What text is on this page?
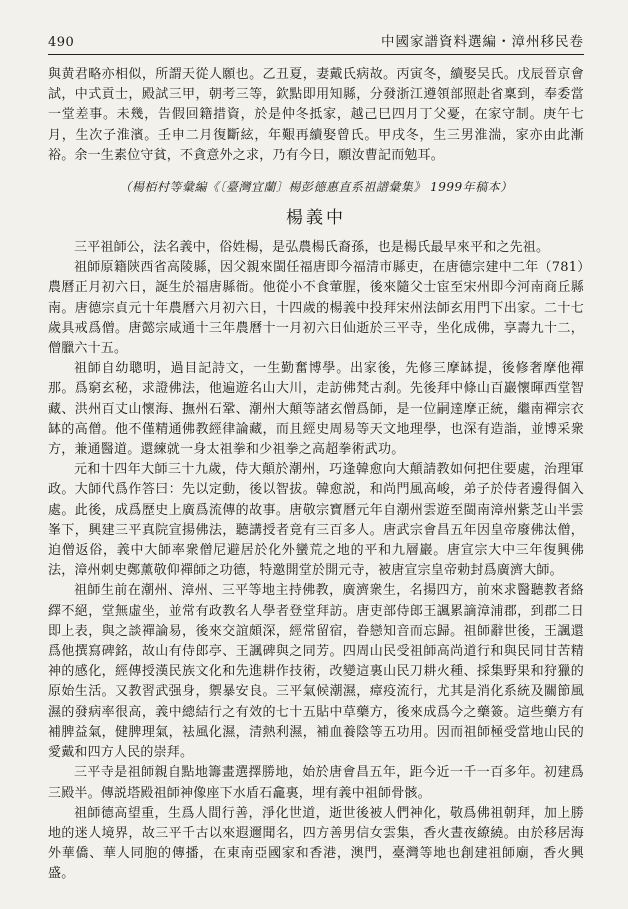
490	中國家譜資料選編・漳州移民卷

與黄君略亦相似，所謂天從人願也。乙丑夏，妻戴氏病故。丙寅冬，續娶吴氏。戊辰晉京會試，中式貢士，殿試三甲，朝考三等，欽點即用知縣，分發浙江遵領部照赴省稟到，奉委當一堂差事。未幾，告假回籍措資，於是仲冬抵家，越己巳四月丁父憂，在家守制。庚午七月，生次子淮濱。壬申二月復斷絃，年艱再續娶曾氏。甲戌冬，生三男淮湍，家亦由此漸裕。余一生素位守貧，不貪意外之求，乃有今日，願汝曹記而勉耳。

（楊栢村等彙編《〔臺灣宜蘭〕楊彭德惠直系祖譜彙集》 1999年稿本）
楊義中

三平祖師公，法名義中，俗姓楊，是弘農楊氏裔孫，也是楊氏最早來平和之先祖。

祖師原籍陝西省高陵縣，因父親來閩任福唐即今福清市縣吏，在唐德宗建中二年（781）農曆正月初六日，誕生於福唐縣衙。他從小不食葷腥，後來隨父士宦至宋州即今河南商丘縣南。唐德宗貞元十年農曆六月初六日，十四歲的楊義中投拜宋州法師玄用門下出家。二十七歲具戒爲僧。唐懿宗咸通十三年農曆十一月初六日仙逝於三平寺，坐化成佛，享壽九十二，僧臘六十五。

祖師自幼聰明，過目記詩文，一生勤奮博學。出家後，先修三摩缽提，後修奢摩他禪那。爲窮玄秘，求證佛法，他遍遊名山大川，走訪佛梵古刹。先後拜中條山百巖懷暉西堂智藏、洪州百丈山懷海、撫州石鞏、潮州大顛等諸玄僧爲師，是一位嗣達摩正統，繼南禪宗衣缽的高僧。他不僅精通佛教經律論藏，而且經史周易等天文地理學，也深有造詣，並博采衆方，兼通醫道。還練就一身太祖拳和少祖拳之高超拳術武功。

元和十四年大師三十九歲，侍大顛於潮州，巧逢韓愈向大顛請教如何把住要處，治理軍政。大師代爲作答曰：先以定動，後以智拔。韓愈説，和尚門風高峻，弟子於侍者邊得個入處。此後，成爲歷史上廣爲流傳的故事。唐敬宗寶曆元年自潮州雲遊至閩南漳州紫芝山半雲峯下，興建三平真院宣揚佛法，聽講授者竟有三百多人。唐武宗會昌五年因皇帝廢佛汰僧，迫僧返俗，義中大師率衆僧尼避居於化外蠻荒之地的平和九層巖。唐宣宗大中三年復興佛法，漳州刺史鄭薰敬仰禪師之功德，特邀開堂於開元寺，被唐宣宗皇帝勅封爲廣濟大師。

祖師生前在潮州、漳州、三平等地主持佛教，廣濟衆生，名揚四方，前來求醫聽教者絡繹不絕，堂無虛坐，並常有政教名人學者登堂拜訪。唐吏部侍郎王諷累謫漳浦郡，到郡二日即上表，與之談禪論易，後來交誼頗深，經常留宿，眷戀知音而忘歸。祖師辭世後，王諷還爲他撰寫碑銘，故山有侍郎亭、王諷碑與之同芳。四周山民受祖師高尚道行和與民同甘苦精神的感化，經傳授漢民族文化和先進耕作技術，改變這裏山民刀耕火種、採集野果和狩獵的原始生活。又教習武强身，禦暴安良。三平氣候潮濕，瘴疫流行，尤其是消化系統及關節風濕的發病率很高，義中總結行之有效的七十五貼中草藥方，後來成爲今之藥簽。這些藥方有補脾益氣，健脾理氣，袪風化濕，清熱利濕，補血養陰等五功用。因而祖師極受當地山民的愛戴和四方人民的崇拜。

三平寺是祖師親自點地籌畫選擇勝地，始於唐會昌五年，距今近一千一百多年。初建爲三殿半。傳説塔殿祖師神像座下水盾石龕裏，埋有義中祖師骨骸。

祖師德高望重，生爲人間行善，淨化世道，逝世後被人們神化，敬爲佛祖朝拜，加上勝地的迷人境界，故三平千古以來遐邇聞名，四方善男信女雲集，香火晝夜繚繞。由於移居海外華僑、華人同胞的傳播，在東南亞國家和香港，澳門，臺灣等地也創建祖師廟，香火興盛。
